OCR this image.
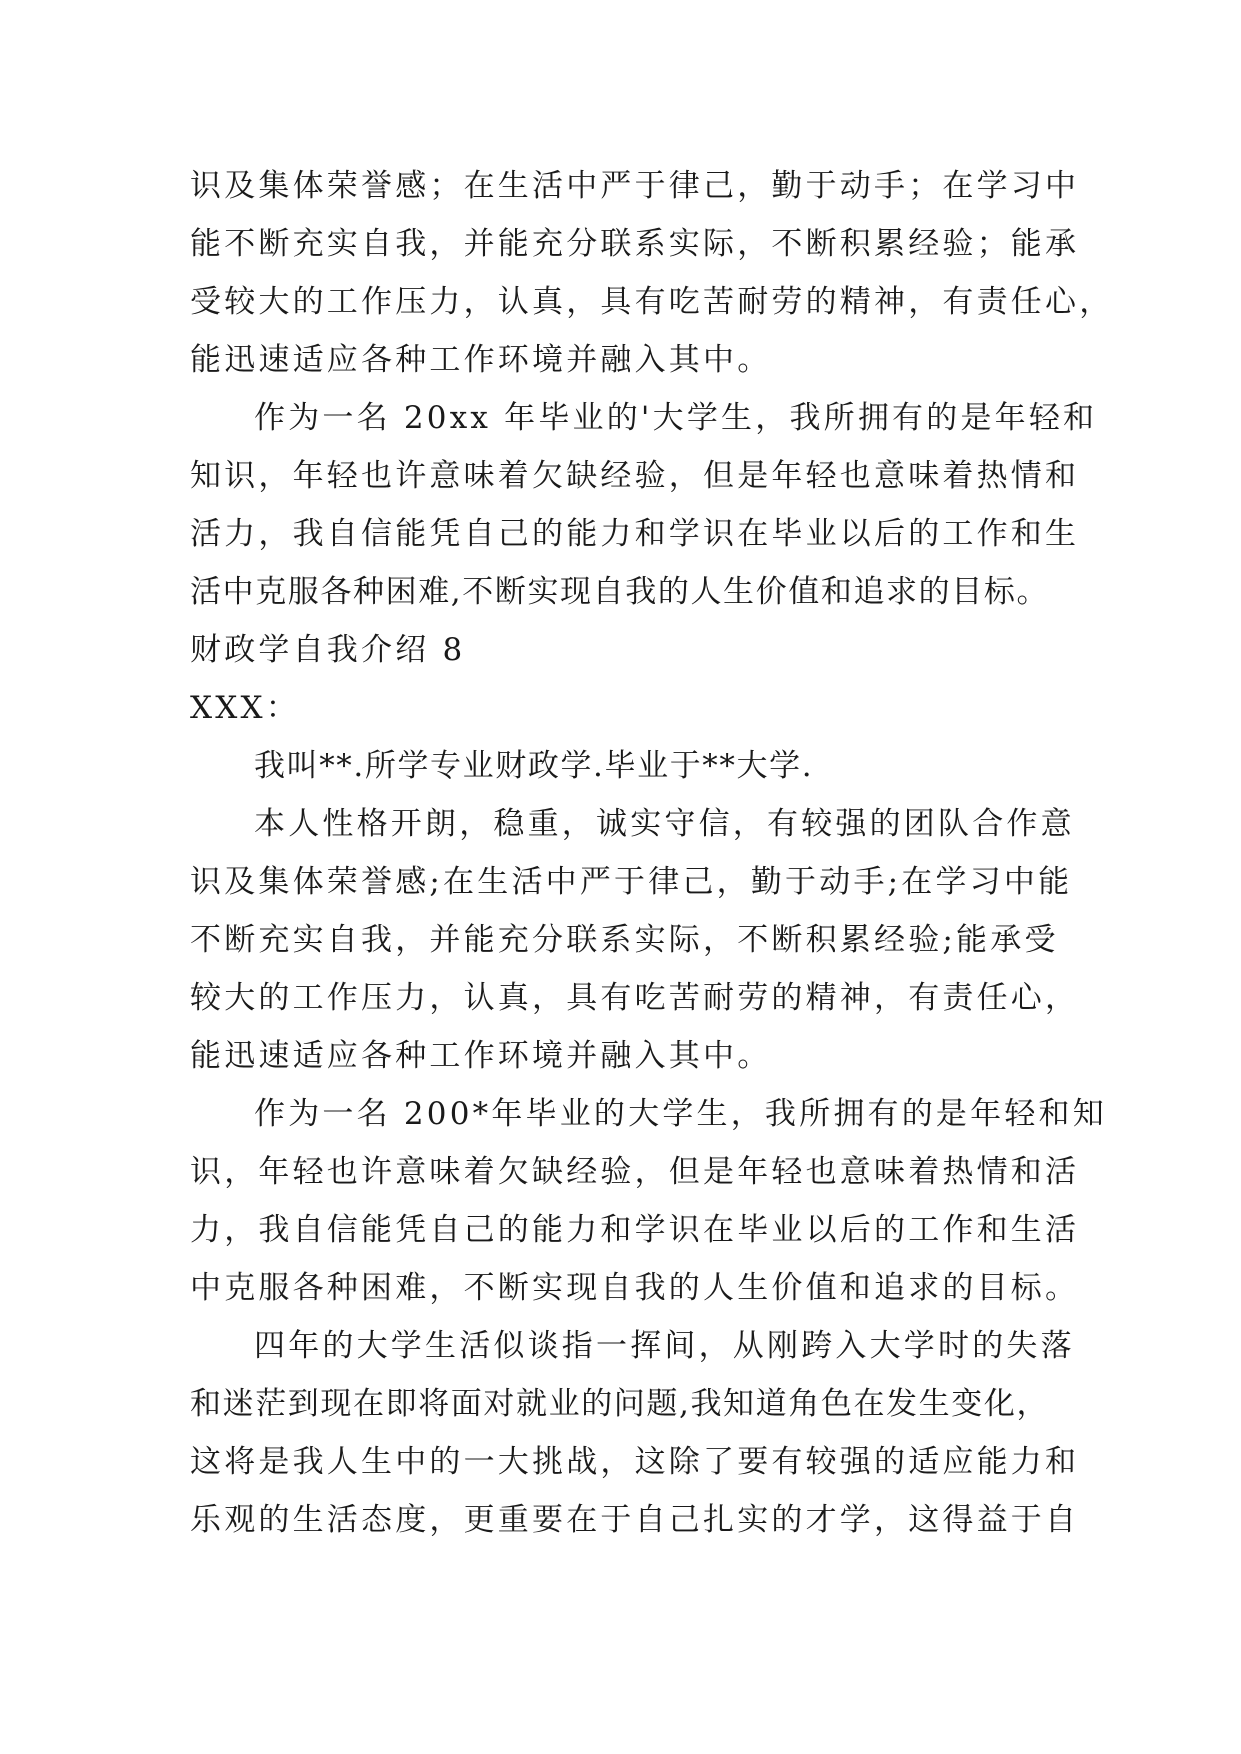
识及集体荣誉感；在生活中严于律己，勤于动手；在学习中
能不断充实自我，并能充分联系实际，不断积累经验；能承
受较大的工作压力，认真，具有吃苦耐劳的精神，有责任心，
能迅速适应各种工作环境并融入其中。
作为一名 20xx 年毕业的'大学生，我所拥有的是年轻和
知识，年轻也许意味着欠缺经验，但是年轻也意味着热情和
活力，我自信能凭自己的能力和学识在毕业以后的工作和生
活中克服各种困难,不断实现自我的人生价值和追求的目标。
财政学自我介绍 8
XXX：
我叫**.所学专业财政学.毕业于**大学.
本人性格开朗，稳重，诚实守信，有较强的团队合作意
识及集体荣誉感;在生活中严于律己，勤于动手;在学习中能
不断充实自我，并能充分联系实际，不断积累经验;能承受
较大的工作压力，认真，具有吃苦耐劳的精神，有责任心，
能迅速适应各种工作环境并融入其中。
作为一名 200*年毕业的大学生，我所拥有的是年轻和知
识，年轻也许意味着欠缺经验，但是年轻也意味着热情和活
力，我自信能凭自己的能力和学识在毕业以后的工作和生活
中克服各种困难，不断实现自我的人生价值和追求的目标。
四年的大学生活似谈指一挥间，从刚跨入大学时的失落
和迷茫到现在即将面对就业的问题,我知道角色在发生变化，
这将是我人生中的一大挑战，这除了要有较强的适应能力和
乐观的生活态度，更重要在于自己扎实的才学，这得益于自
